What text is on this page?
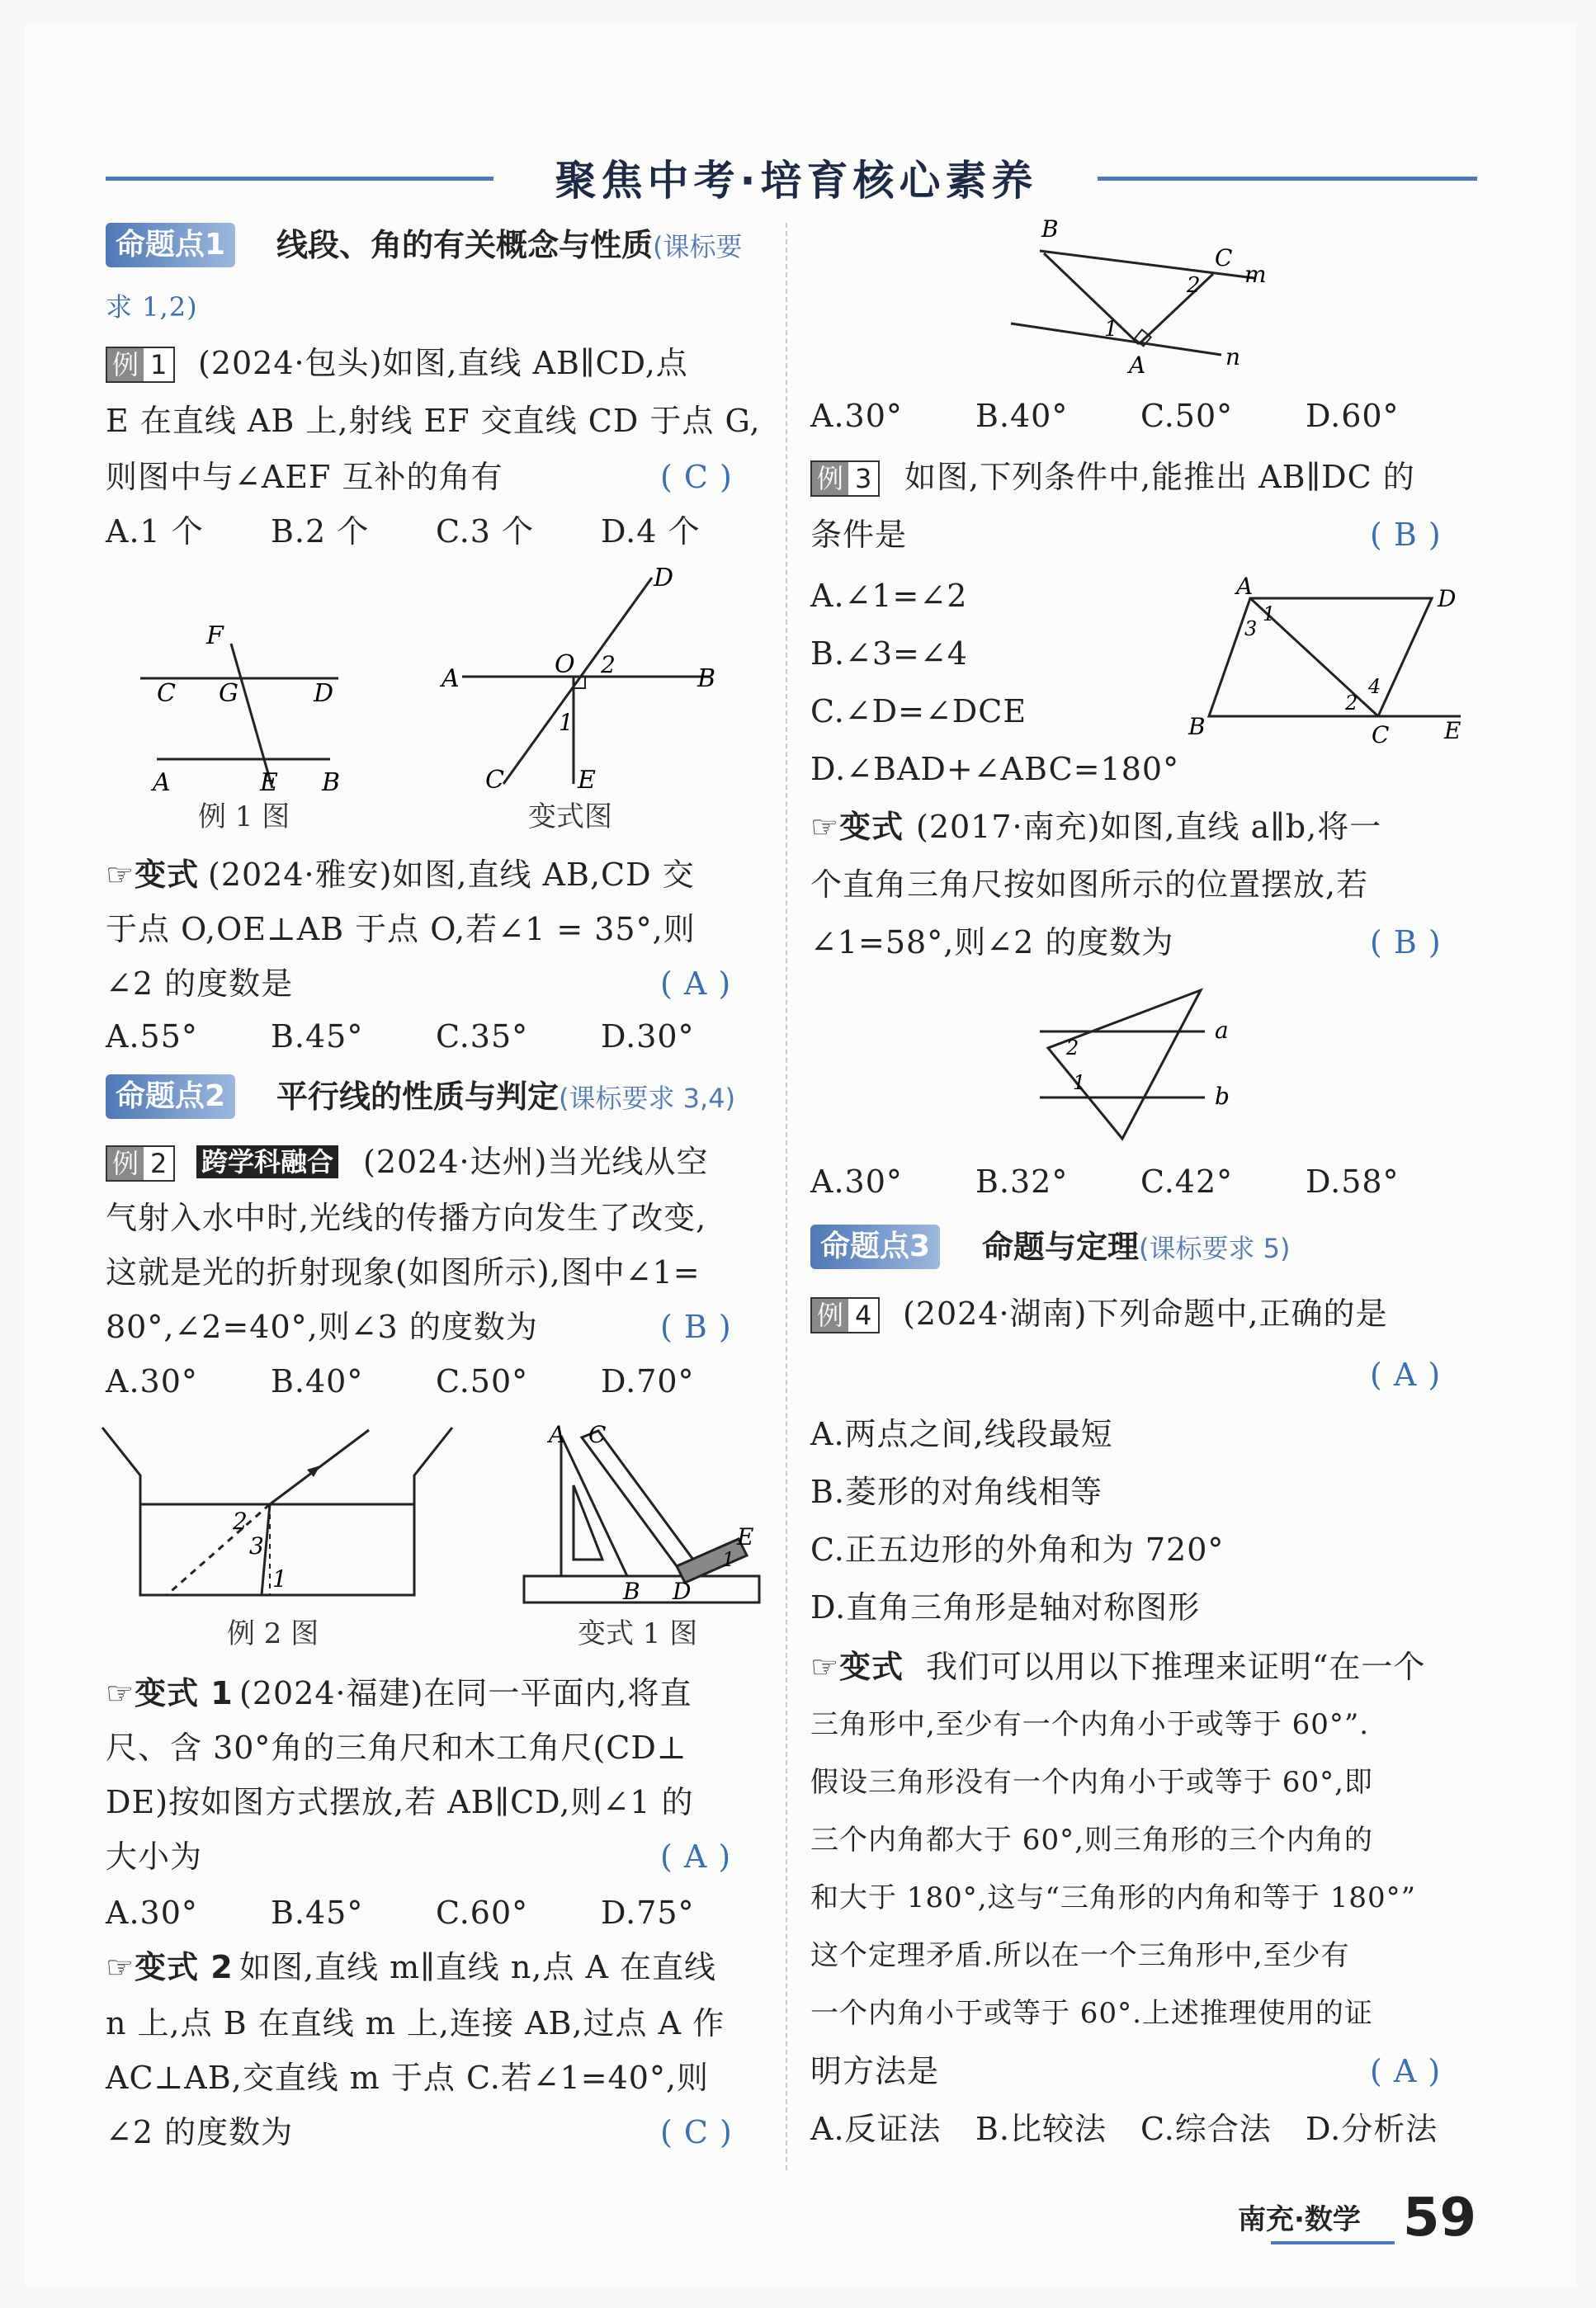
聚焦中考·培育核心素养
命题点1	线段、角的有关概念与性质(课标要
求 1,2)
例 1 (2024·包头)如图,直线 AB∥CD,点
E 在直线 AB 上,射线 EF 交直线 CD 于点 G,
则图中与∠AEF 互补的角有	( C )
A.1 个 B.2 个 C.3 个 D.4 个
F
C G	D
A	E B
例 1 图
D
O 2
A	B
1
C	E
变式图
☞变式 (2024·雅安)如图,直线 AB,CD 交
于点 O,OE⊥AB 于点 O,若∠1 = 35°,则
∠2 的度数是	( A )
A.55° B.45° C.35° D.30°
命题点2	平行线的性质与判定(课标要求 3,4)
例 2	跨学科融合 (2024·达州)当光线从空
气射入水中时,光线的传播方向发生了改变,
这就是光的折射现象(如图所示),图中∠1=
80°,∠2=40°,则∠3 的度数为	( B )
A.30° B.40° C.50° D.70°
2
3
1
例 2 图
A C
E
1
B D
变式 1 图
☞变式 1 (2024·福建)在同一平面内,将直
尺、含 30°角的三角尺和木工角尺(CD⊥
DE)按如图方式摆放,若 AB∥CD,则∠1 的
大小为	( A )
A.30° B.45° C.60° D.75°
☞变式 2 如图,直线 m∥直线 n,点 A 在直线
n 上,点 B 在直线 m 上,连接 AB,过点 A 作
AC⊥AB,交直线 m 于点 C.若∠1=40°,则
∠2 的度数为	( C )
B
C
m
2
1
A	n
A.30° B.40° C.50° D.60°
例 3 如图,下列条件中,能推出 AB∥DC 的
条件是	( B )
A.∠1=∠2
B.∠3=∠4
C.∠D=∠DCE
D.∠BAD+∠ABC=180°
A
1
3
D
4
2
B	C E
☞变式 (2017·南充)如图,直线 a∥b,将一
个直角三角尺按如图所示的位置摆放,若
∠1=58°,则∠2 的度数为	( B )
2
1
a
b
A.30° B.32° C.42° D.58°
命题点3	命题与定理(课标要求 5)
例 4 (2024·湖南)下列命题中,正确的是
( A )
A.两点之间,线段最短
B.菱形的对角线相等
C.正五边形的外角和为 720°
D.直角三角形是轴对称图形
☞变式 我们可以用以下推理来证明“在一个
三角形中,至少有一个内角小于或等于 60°”.
假设三角形没有一个内角小于或等于 60°,即
三个内角都大于 60°,则三角形的三个内角的
和大于 180°,这与“三角形的内角和等于 180°”
这个定理矛盾.所以在一个三角形中,至少有
一个内角小于或等于 60°.上述推理使用的证
明方法是	( A )
A.反证法 B.比较法 C.综合法 D.分析法
南充·数学 59
